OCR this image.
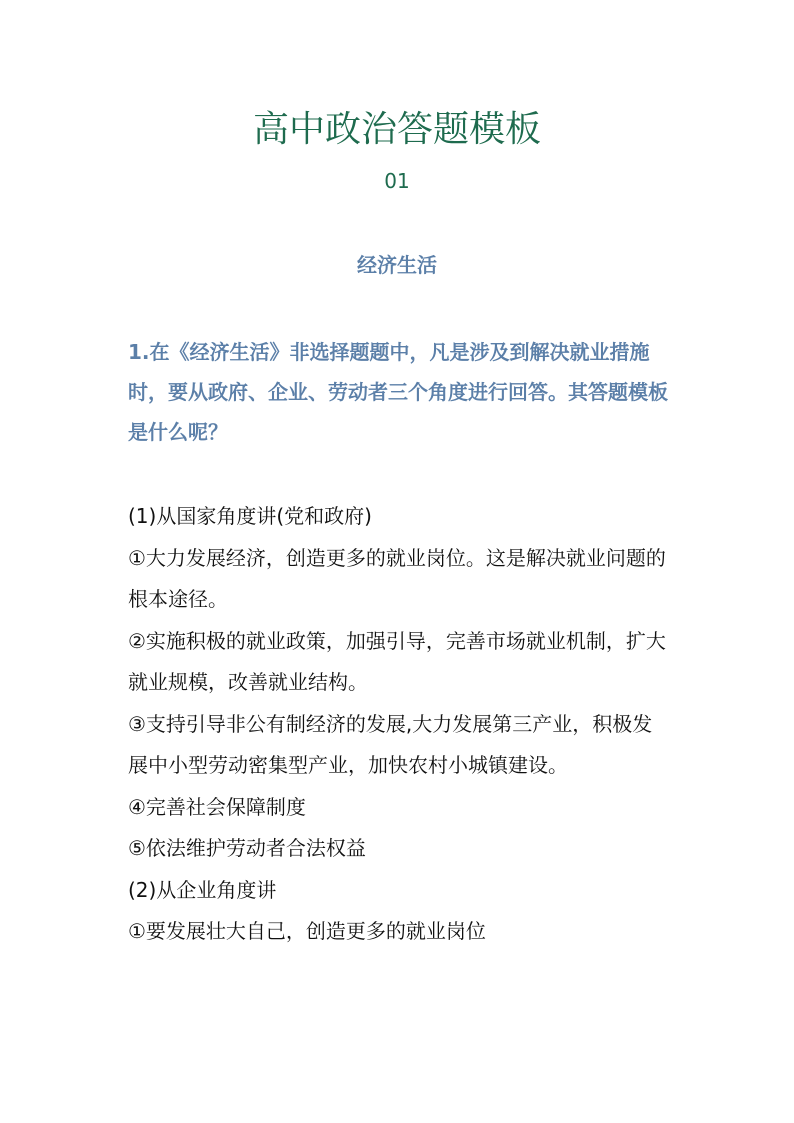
高中政治答题模板
01
经济生活

1.在《经济生活》非选择题题中，凡是涉及到解决就业措施时，要从政府、企业、劳动者三个角度进行回答。其答题模板是什么呢？

(1)从国家角度讲(党和政府)
①大力发展经济，创造更多的就业岗位。这是解决就业问题的根本途径。
②实施积极的就业政策，加强引导，完善市场就业机制，扩大就业规模，改善就业结构。
③支持引导非公有制经济的发展,大力发展第三产业，积极发展中小型劳动密集型产业，加快农村小城镇建设。
④完善社会保障制度
⑤依法维护劳动者合法权益
(2)从企业角度讲
①要发展壮大自己，创造更多的就业岗位
